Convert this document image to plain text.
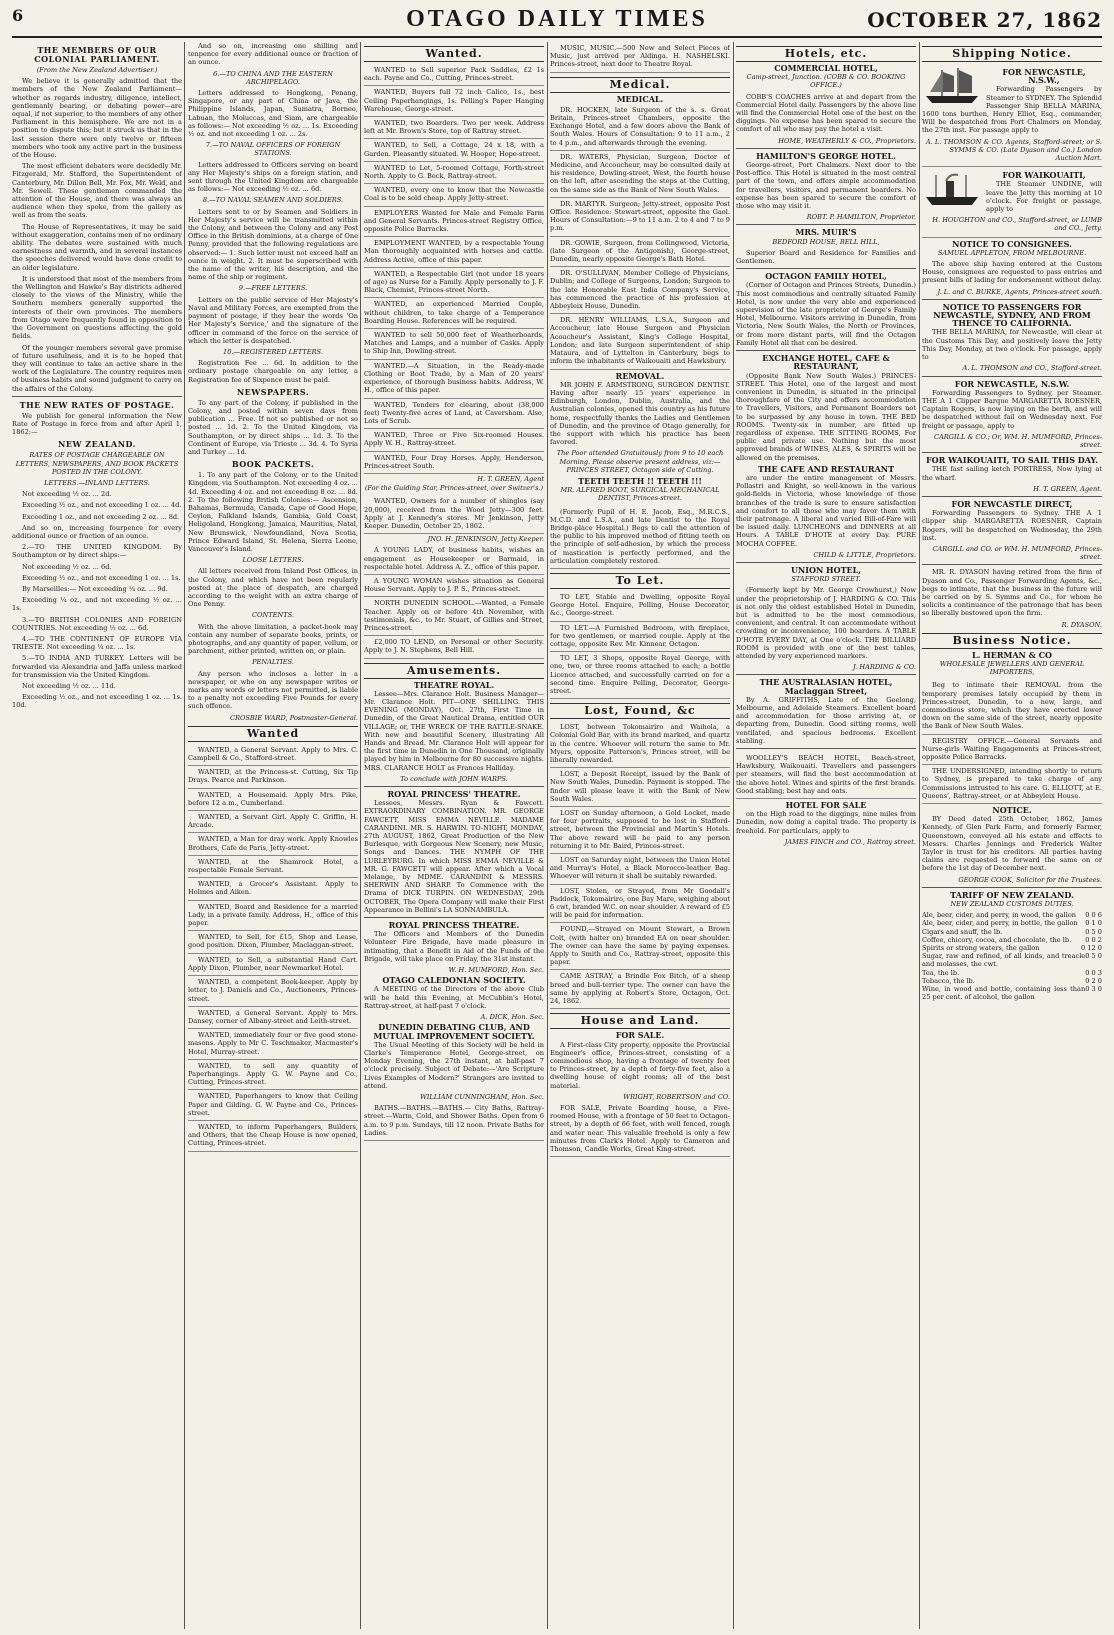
6	OTAGO DAILY TIMES	OCTOBER 27, 1862
THE MEMBERS OF OUR COLONIAL PARLIAMENT.
(From the New Zealand Advertiser.)

We believe it is generally admitted that the members of the New Zealand Parliament—whether as regards industry, diligence, intellect, gentlemanly bearing, or debating power—are equal, if not superior, to the members of any other Parliament in this hemisphere. We are not in a position to dispute this; but it struck us that in the last session there were only twelve or fifteen members who took any active part in the business of the House.

The most efficient debaters were decidedly Mr. Fitzgerald, Mr. Stafford, the Superintendent of Canterbury, Mr. Dillon Bell, Mr. Fox, Mr. Weld, and Mr. Sewell. These gentlemen commanded the attention of the House, and there was always an audience when they spoke, from the gallery as well as from the seats.

The House of Representatives, it may be said without exaggeration, contains men of no ordinary ability. The debates were sustained with much earnestness and warmth, and in several instances the speeches delivered would have done credit to an older legislature.

It is understood that most of the members from the Wellington and Hawke's Bay districts adhered closely to the views of the Ministry, while the Southern members generally supported the interests of their own provinces. The members from Otago were frequently found in opposition to the Government on questions affecting the gold fields.

Of the younger members several gave promise of future usefulness, and it is to be hoped that they will continue to take an active share in the work of the Legislature. The country requires men of business habits and sound judgment to carry on the affairs of the Colony.

THE NEW RATES OF POSTAGE.

We publish for general information the New Rate of Postage in force from and after April 1, 1862:—

NEW ZEALAND.
RATES OF POSTAGE CHARGEABLE ON LETTERS, NEWSPAPERS, AND BOOK PACKETS POSTED IN THE COLONY.
LETTERS.—INLAND LETTERS.

Not exceeding ½ oz. ... 2d.

Exceeding ½ oz., and not exceeding 1 oz. ... 4d.

Exceeding 1 oz., and not exceeding 2 oz. ... 8d.

And so on, increasing fourpence for every additional ounce or fraction of an ounce.

2.—TO THE UNITED KINGDOM. By Southampton or by direct ships:—

Not exceeding ½ oz. ... 6d.

Exceeding ½ oz., and not exceeding 1 oz. ... 1s.

By Marseilles:— Not exceeding ¼ oz. ... 9d.

Exceeding ¼ oz., and not exceeding ½ oz. ... 1s.

3.—TO BRITISH COLONIES AND FOREIGN COUNTRIES. Not exceeding ½ oz. ... 6d.

4.—TO THE CONTINENT OF EUROPE VIA TRIESTE. Not exceeding ¼ oz. ... 1s.

5.—TO INDIA AND TURKEY. Letters will be forwarded via Alexandria and Jaffa unless marked for transmission via the United Kingdom.

Not exceeding ½ oz. ... 11d.

Exceeding ½ oz., and not exceeding 1 oz. ... 1s. 10d.

And so on, increasing one shilling and tenpence for every additional ounce or fraction of an ounce.

6.—TO CHINA AND THE EASTERN ARCHIPELAGO.

Letters addressed to Hongkong, Penang, Singapore, or any part of China or Java, the Philippine Islands, Japan, Sumatra, Borneo, Labuan, the Moluccas, and Siam, are chargeable as follows:— Not exceeding ½ oz. ... 1s. Exceeding ½ oz. and not exceeding 1 oz. ... 2s.

7.—TO NAVAL OFFICERS OF FOREIGN STATIONS.

Letters addressed to Officers serving on board any Her Majesty's ships on a foreign station, and sent through the United Kingdom are chargeable as follows:— Not exceeding ½ oz. ... 6d.

8.—TO NAVAL SEAMEN AND SOLDIERS.

Letters sent to or by Seamen and Soldiers in Her Majesty's service will be transmitted within the Colony, and between the Colony and any Post Office in the British dominions, at a charge of One Penny, provided that the following regulations are observed:— 1. Such letter must not exceed half an ounce in weight. 2. It must be superscribed with the name of the writer, his description, and the name of the ship or regiment.

9.—FREE LETTERS.

Letters on the public service of Her Majesty's Naval and Military Forces, are exempted from the payment of postage, if they bear the words 'On Her Majesty's Service,' and the signature of the officer in command of the force on the service of which the letter is despatched.

10.—REGISTERED LETTERS.

Registration Fee ... 6d. In addition to the ordinary postage chargeable on any letter, a Registration fee of Sixpence must be paid.

NEWSPAPERS.

To any part of the Colony, if published in the Colony, and posted within seven days from publication ... Free. If not so published or not so posted ... 1d. 2. To the United Kingdom, via Southampton, or by direct ships ... 1d. 3. To the Continent of Europe, via Trieste ... 3d. 4. To Syria and Turkey ... 1d.

BOOK PACKETS.

1. To any part of the Colony, or to the United Kingdom, via Southampton. Not exceeding 4 oz. ... 4d. Exceeding 4 oz. and not exceeding 8 oz. ... 8d. 2. To the following British Colonies:— Ascension, Bahamas, Bermuda, Canada, Cape of Good Hope, Ceylon, Falkland Islands, Gambia, Gold Coast, Heligoland, Hongkong, Jamaica, Mauritius, Natal, New Brunswick, Newfoundland, Nova Scotia, Prince Edward Island, St. Helena, Sierra Leone, Vancouver's Island.

LOOSE LETTERS.

All letters received from Inland Post Offices, in the Colony, and which have not been regularly posted at the place of despatch, are charged according to the weight with an extra charge of One Penny.

CONTENTS.

With the above limitation, a packet-book may contain any number of separate books, prints, or photographs, and any quantity of paper, vellum, or parchment, either printed, written on, or plain.

PENALTIES.

Any person who incloses a letter in a newspaper, or who on any newspaper writes or marks any words or letters not permitted, is liable to a penalty not exceeding Five Pounds for every such offence.

CROSBIE WARD, Postmaster-General.
Wanted

WANTED, a General Servant. Apply to Mrs. C. Campbell & Co., Stafford-street.

WANTED, at the Princess-st. Cutting, Six Tip Drays. Pearce and Parkinson.

WANTED, a Housemaid. Apply Mrs. Pike, before 12 a.m., Cumberland.

WANTED, a Servant Girl. Apply C. Griffin, H. Arcade.

WANTED, a Man for dray work. Apply Knowles Brothers, Cafe de Paris, Jetty-street.

WANTED, at the Shamrock Hotel, a respectable Female Servant.

WANTED, a Grocer's Assistant. Apply to Holmes and Aiken.

WANTED, Board and Residence for a married Lady, in a private family. Address, H., office of this paper.

WANTED, to Sell, for £15, Shop and Lease, good position. Dixon, Plumber, Maclaggan-street.

WANTED, to Sell, a substantial Hand Cart. Apply Dixon, Plumber, near Newmarket Hotel.

WANTED, a competent Book-keeper. Apply by letter, to J. Daniels and Co., Auctioneers, Princes-street.

WANTED, a General Servant. Apply to Mrs. Dansey, corner of Albany-street and Leith-street.

WANTED, immediately four or five good stone-masons. Apply to Mr C. Teschmaker, Macmaster's Hotel, Murray-street.

WANTED, to sell any quantity of Paperhangings. Apply G. W. Payne and Co., Cutting, Princes-street.

WANTED, Paperhangers to know that Ceiling Paper and Gilding. G. W. Payne and Co., Princes-street.

WANTED, to inform Paperhangers, Builders, and Others, that the Cheap House is now opened, Cutting, Princes-street.

Wanted.

WANTED to Sell superior Pack Saddles, £2 1s each. Payne and Co., Cutting, Princes-street.

WANTED, Buyers full 72 inch Calico, 1s., best Ceiling Paperhangings, 1s. Pelling's Paper Hanging Warehouse, George-street.

WANTED, two Boarders. Two per week. Address left at Mr. Brown's Store, top of Rattray street.

WANTED, to Sell, a Cottage, 24 x 18, with a Garden. Pleasantly situated. W. Hooper, Hope-street.

WANTED to Let, 5-roomed Cottage, Forth-street North. Apply to G. Beck, Rattray-street.

WANTED, every one to know that the Newcastle Coal is to be sold cheap. Apply Jetty-street.

EMPLOYERS Wanted for Male and Female Farm and General Servants. Princes-street Registry Office, opposite Police Barracks.

EMPLOYMENT WANTED, by a respectable Young Man thoroughly acquainted with horses and cattle. Address Active, office of this paper.

WANTED, a Respectable Girl (not under 18 years of age) as Nurse for a Family. Apply personally to J. F. Black, Chemist, Princes-street North.

WANTED, an experienced Married Couple, without children, to take charge of a Temperance Boarding House. References will be required.

WANTED to sell 50,000 feet of Weatherboards, Matches and Lamps, and a number of Casks. Apply to Ship Inn, Dowling-street.

WANTED.—A Situation, in the Ready-made Clothing or Boot Trade, by a Man of 20 years' experience, of thorough business habits. Address, W. H., office of this paper.

WANTED, Tenders for clearing, about (38,000 feet) Twenty-five acres of Land, at Caversham. Also, Lots of Scrub.

WANTED, Three or Five Six-roomed Houses. Apply W. H., Rattray-street.

WANTED, Four Dray Horses. Apply, Henderson, Princes-street South.

H. T. GREEN, Agent
(For the Guiding Star, Princes-street, over Switzer's.)

WANTED, Owners for a number of shingles (say 20,000), received from the Wood Jetty—300 feet. Apply at J. Kennedy's stores. Mr Jenkinson, Jetty Keeper. Dunedin, October 25, 1862.

JNO. H. JENKINSON, Jetty Keeper.

A YOUNG LADY, of business habits, wishes an engagement as Housekeeper or Barmaid, in respectable hotel. Address A. Z., office of this paper.

A YOUNG WOMAN wishes situation as General House Servant. Apply to J. P. S., Princes-street.

NORTH DUNEDIN SCHOOL.—Wanted, a Female Teacher. Apply on or before 4th November, with testimonials, &c., to Mr. Stuart, of Gillies and Street, Princes-street.

£2,000 TO LEND, on Personal or other Security. Apply to J. N. Stephens, Bell Hill.

Amusements.
THEATRE ROYAL.

Lessee—Mrs. Clarance Holt. Business Manager—Mr. Clarance Holt. PIT—ONE SHILLING. THIS EVENING (MONDAY), Oct. 27th, First Time in Dunedin, of the Great Nautical Drama, entitled OUR VILLAGE; or, THE WRECK OF THE RATTLE-SNAKE. With new and beautiful Scenery, illustrating All Hands and Bread. Mr. Clarance Holt will appear for the first time in Dunedin in One Thousand, originally played by him in Melbourne for 80 successive nights. MRS. CLARANCE HOLT as Frances Halliday.

To conclude with JOHN WARPS.
ROYAL PRINCESS' THEATRE.

Lessees, Messrs. Ryan & Fawcett. EXTRAORDINARY COMBINATION. MR. GEORGE FAWCETT, MISS EMMA NEVILLE. MADAME CARANDINI. MR. S. HARWIN. TO-NIGHT, MONDAY, 27th AUGUST, 1862, Great Production of the New Burlesque, with Gorgeous New Scenery, new Music, Songs and Dances. THE NYMPH OF THE LURLEYBURG. In which MISS EMMA NEVILLE & MR. G. FAWCETT will appear. After which a Vocal Melange, by MDME. CARANDINI & MESSRS. SHERWIN AND SHARP. To Commence with the Drama of DICK TURPIN. ON WEDNESDAY, 29th OCTOBER, The Opera Company will make their First Appearance in Bellini's LA SONNAMBULA.

ROYAL PRINCESS THEATRE.

The Officers and Members of the Dunedin Volunteer Fire Brigade, have made pleasure in intimating, that a Benefit in Aid of the Funds of the Brigade, will take place on Friday, the 31st instant.

W. H. MUMFORD, Hon. Sec.
OTAGO CALEDONIAN SOCIETY.

A MEETING of the Directors of the above Club will be held this Evening, at McCubbin's Hotel, Rattray-street, at half-past 7 o'clock.

A. DICK, Hon. Sec.
DUNEDIN DEBATING CLUB, AND MUTUAL IMPROVEMENT SOCIETY.

The Usual Meeting of this Society will be held in Clarke's Temperance Hotel, George-street, on Monday Evening, the 27th instant, at half-past 7 o'clock precisely. Subject of Debate:—'Are Scripture Lives Examples of Modern?' Strangers are invited to attend.

WILLIAM CUNNINGHAM, Hon. Sec.

BATHS.—BATHS.—BATHS.— City Baths, Rattray-street.—Warm, Cold, and Shower Baths. Open from 6 a.m. to 9 p.m. Sundays, till 12 noon. Private Baths for Ladies.

MUSIC, MUSIC.—500 New and Select Pieces of Music, just arrived per Aldinga. H. NASHELSKI. Princes-street, next door to Theatre Royal.

Medical.
MEDICAL.

DR. HOCKEN, late Surgeon of the s. s. Great Britain, Princes-street Chambers, opposite the Exchange Hotel, and a few doors above the Bank of South Wales. Hours of Consultation: 9 to 11 a.m., 2 to 4 p.m., and afterwards through the evening.

DR. WATERS, Physician, Surgeon, Doctor of Medicine, and Accoucheur, may be consulted daily at his residence, Dowling-street, West, the fourth house on the left, after ascending the steps at the Cutting, on the same side as the Bank of New South Wales.

DR. MARTYR. Surgeon; Jetty-street, opposite Post Office. Residence: Stewart-street, opposite the Gaol. Hours of Consultation:—9 to 11 a.m. 2 to 4 and 7 to 9 p.m.

DR. GOWIE, Surgeon, from Collingwood, Victoria, (late Surgeon of the Antigonish), George-street, Dunedin, nearly opposite George's Bath Hotel.

DR. O'SULLIVAN, Member College of Physicians, Dublin; and College of Surgeons, London; Surgeon to the late Honorable East India Company's Service, has commenced the practice of his profession at Abbeyleix House, Dunedin.

DR. HENRY WILLIAMS, L.S.A., Surgeon and Accoucheur, late House Surgeon and Physician Acoucheur's Assistant, King's College Hospital, London; and late Surgeon superintendent of ship Mataura, and of Lyttelton in Canterbury, begs to inform the inhabitants of Waikouaiti and Hawksbury.

REMOVAL.

MR JOHN F. ARMSTRONG, SURGEON DENTIST. Having after nearly 15 years' experience in Edinburgh, London, Dublin, Australia, and the Australian colonies, opened this country as his future home, respectfully thanks the Ladies and Gentlemen of Dunedin, and the province of Otago generally, for the support with which his practice has been favored.

The Poor attended Gratuitously from 9 to 10 each Morning. Please observe present address, viz:— PRINCES STREET, Octagon side of Cutting.
TEETH TEETH !! TEETH !!!
MR. ALFRED BOOT, SURGICAL MECHANICAL DENTIST, Princes-street.

(Formerly Pupil of H. E. Jacob, Esq., M.R.C.S., M.C.D. and L.S.A., and late Dentist to the Royal Bridge-place Hospital.) Begs to call the attention of the public to his improved method of fitting teeth on the principle of self-adhesion, by which the process of mastication is perfectly performed, and the articulation completely restored.

To Let.

TO LET, Stable and Dwelling, opposite Royal George Hotel. Enquire, Pelling, House Decorator, &c., George-street.

TO LET.—A Furnished Bedroom, with fireplace, for two gentlemen, or married couple. Apply at the cottage, opposite Rev. Mr. Kinnear, Octagon.

TO LET, 3 Shops, opposite Royal George, with one, two, or three rooms attached to each; a bottle Licence attached, and successfully carried on for a second time. Enquire Pelling, Decorator, George-street.

Lost, Found, &c

LOST, between Tokomairiro and Waihola, a Colonial Gold Bar, with its brand marked, and quartz in the centre. Whoever will return the same to Mr. Myers, opposite Patterson's, Princes street, will be liberally rewarded.

LOST, a Deposit Receipt, issued by the Bank of New South Wales, Dunedin. Payment is stopped. The finder will please leave it with the Bank of New South Wales.

LOST on Sunday afternoon, a Gold Locket, made for four portraits, supposed to be lost in Stafford-street, between the Provincial and Martin's Hotels. The above reward will be paid to any person returning it to Mr. Baird, Princes-street.

LOST on Saturday night, between the Union Hotel and Murray's Hotel, a Black Morocco-leather Bag. Whoever will return it shall be suitably rewarded.

LOST, Stolen, or Strayed, from Mr Goodall's Paddock, Tokomairiro, one Bay Mare, weighing about 6 cwt, branded W.C. on near shoulder. A reward of £5 will be paid for information.

FOUND,—Strayed on Mount Stewart, a Brown Colt, (with halter on) branded EA on near shoulder. The owner can have the same by paying expenses. Apply to Smith and Co., Rattray-street, opposite this paper.

CAME ASTRAY, a Brindle Fox Bitch, of a sheep breed and bull-terrier type. The owner can have the same by applying at Robert's Store, Octagon, Oct. 24, 1862.

House and Land.
FOR SALE.

A First-class City property, opposite the Provincial Engineer's office, Princes-street, consisting of a commodious shop, having a frontage of twenty feet to Princes-street, by a depth of forty-five feet, also a dwelling house of eight rooms; all of the best material.

WRIGHT, ROBERTSON and CO.

FOR SALE, Private Boarding house, a Five-roomed House, with a frontage of 50 feet to Octagon-street, by a depth of 66 feet, with well fenced, rough and water near. This valuable freehold is only a few minutes from Clark's Hotel. Apply to Cameron and Thomson, Candle Works, Great King-street.

Hotels, etc.
COMMERCIAL HOTEL,
Camp-street, Junction. (COBB & CO. BOOKING OFFICE.)

COBB'S COACHES arrive at and depart from the Commercial Hotel daily. Passengers by the above line will find the Commercial Hotel one of the best on the diggings. No expense has been spared to secure the comfort of all who may pay the hotel a visit.

HOME, WEATHERLY & CO., Proprietors.
HAMILTON'S GEORGE HOTEL.

George-street, Port Chalmers. Next door to the Post-office. This Hotel is situated in the most central part of the town, and offers ample accommodation for travellers, visitors, and permanent boarders. No expense has been spared to secure the comfort of those who may visit it.

ROBT. P. HAMILTON, Proprietor.
MRS. MUIR'S
BEDFORD HOUSE, BELL HILL,

Superior Board and Residence for Families and Gentlemen.

OCTAGON FAMILY HOTEL,

(Corner of Octagon and Princes Streets, Dunedin.) This most commodious and centrally situated Family Hotel, is now under the very able and experienced supervision of the late proprietor of George's Family Hotel, Melbourne. Visitors arriving in Dunedin, from Victoria, New South Wales, the North or Provinces, or from more distant parts, will find the Octagon Family Hotel all that can be desired.

EXCHANGE HOTEL, CAFE & RESTAURANT,

(Opposite Bank New South Wales.) PRINCES-STREET. This Hotel, one of the largest and most convenient in Dunedin, is situated in the principal thoroughfare of the City and offers accommodation to Travellers, Visitors, and Permanent Boarders not to be surpassed by any house in town. THE BED ROOMS. Twenty-six in number, are fitted up regardless of expense. THE SITTING ROOMS, For public and private use. Nothing but the most approved brands of WINES, ALES, & SPIRITS will be allowed on the premises.

THE CAFE AND RESTAURANT

are under the entire management of Messrs. Pollastri and Knight, so well-known in the various gold-fields in Victoria, whose knowledge of those branches of the trade is sure to ensure satisfaction and comfort to all those who may favor them with their patronage. A liberal and varied Bill-of-Fare will be issued daily. LUNCHEONS and DINNERS at all Hours. A TABLE D'HOTE at every Day. PURE MOCHA COFFEE.

CHILD & LITTLE, Proprietors.
UNION HOTEL,
STAFFORD STREET.

(Formerly kept by Mr. George Crowhurst,) Now under the proprietorship of J. HARDING & CO. This is not only the oldest established Hotel in Dunedin, but is admitted to be the most commodious, convenient, and central. It can accommodate without crowding or inconvenience, 100 boarders. A TABLE D'HOTE EVERY DAY, at One o'clock. THE BILLIARD ROOM is provided with one of the best tables, attended by very experienced markers.

J. HARDING & CO.
THE AUSTRALASIAN HOTEL, Maclaggan Street,

By A. GRIFFITHS, Late of the Geelong, Melbourne, and Adelaide Steamers. Excellent board and accommodation for those arriving at, or departing from, Dunedin. Good sitting rooms, well ventilated, and spacious bedrooms. Excellent stabling.

WOOLLEY'S BEACH HOTEL, Beach-street, Hawksbury, Waikouaiti. Travellers and passengers per steamers, will find the best accommodation at the above hotel. Wines and spirits of the first brands. Good stabling; best hay and oats.

HOTEL FOR SALE

on the High road to the diggings, nine miles from Dunedin, now doing a capital trade. The property is freehold. For particulars, apply to

JAMES FINCH and CO., Rattray street.
Shipping Notice.
FOR NEWCASTLE, N.S.W.,

Forwarding Passengers by Steamer to SYDNEY. The Splendid Passenger Ship BELLA MARINA, 1600 tons burthen, Henry Elliot, Esq., commander, Will be despatched from Port Chalmers on Monday, the 27th inst. For passage apply to

A. L. THOMSON & CO. Agents, Stafford-street; or S. SYMMS & CO. (Late Dyason and Co.) London Auction Mart.
FOR WAIKOUAITI,

THE Steamer UNDINE, will leave the Jetty this morning at 10 o'clock. For freight or passage, apply to

H. HOUGHTON and CO., Stafford-street, or LUMB and CO., Jetty.
NOTICE TO CONSIGNEES.
SAMUEL APPLETON, FROM MELBOURNE.

The above ship having entered at the Custom House, consignees are requested to pass entries and present bills of lading for endorsement without delay.

J. L. and C. BURKE, Agents, Princes-street south.
NOTICE TO PASSENGERS FOR NEWCASTLE, SYDNEY, AND FROM THENCE TO CALIFORNIA.

THE BELLA MARINA, for Newcastle, will clear at the Customs This Day, and positively leave the Jetty This Day, Monday, at two o'clock. For passage, apply to

A. L. THOMSON and CO., Stafford-street.
FOR NEWCASTLE, N.S.W.

Forwarding Passengers to Sydney, per Steamer. THE A 1 Clipper Barque MARGARETTA ROESNER, Captain Rogers, is now laying on the berth, and will be despatched without fail on Wednesday next. For freight or passage, apply to

CARGILL & CO.; Or, WM. H. MUMFORD, Princes-street.
FOR WAIKOUAITI, TO SAIL THIS DAY.

THE fast sailing ketch PORTRESS, Now lying at the wharf.

H. T. GREEN, Agent.
FOR NEWCASTLE DIRECT,

Forwarding Passengers to Sydney. THE A 1 clipper ship MARGARETTA ROESNER, Captain Rogers, will be despatched on Wednesday, the 29th inst.

CARGILL and CO. or WM. H. MUMFORD, Princes-street.

MR. R. DYASON having retired from the firm of Dyason and Co., Passenger Forwarding Agents, &c., begs to intimate, that the business in the future will be carried on by S. Symms and Co., for whom he solicits a continuance of the patronage that has been so liberally bestowed upon the firm.

R. DYASON.
Business Notice.
L. HERMAN & CO
WHOLESALE JEWELLERS AND GENERAL IMPORTERS,

Beg to intimate their REMOVAL from the temporary premises lately occupied by them in Princes-street, Dunedin, to a new, large, and commodious store, which they have erected lower down on the same side of the street, nearly opposite the Bank of New South Wales.

REGISTRY OFFICE.—General Servants and Nurse-girls Waiting Engagements at Princes-street, opposite Police Barracks.

THE UNDERSIGNED, intending shortly to return to Sydney, is prepared to take charge of any Commissions intrusted to his care. G. ELLIOTT, at E. Queens', Rattray-street, or at Abbeyleix House.

NOTICE.

BY Deed dated 25th October, 1862, James Kennedy, of Glen Park Farm, and formerly Farmer, Queenstown, conveyed all his estate and effects to Messrs. Charles Jennings and Frederick Walter Taylor in trust for his creditors. All parties having claims are requested to forward the same on or before the 1st day of December next.

GEORGE COOK, Solicitor for the Trustees.
TARIFF OF NEW ZEALAND.
NEW ZEALAND CUSTOMS DUTIES.
Ale, beer, cider, and perry, in wood, the gallon 0 0 6
Ale, beer, cider, and perry, in bottle, the gallon 0 1 0
Cigars and snuff, the lb.	0 5 0
Coffee, chicory, cocoa, and chocolate, the lb. 0 0 2
Spirits or strong waters, the gallon	0 12 0
Sugar, raw and refined, of all kinds, and treacle and molasses, the cwt.
0 5 0
Tea, the lb.	0 0 3
Tobacco, the lb.	0 2 0
Wine, in wood and bottle, containing less than 25 per cent. of alcohol, the gallon
0 3 0
